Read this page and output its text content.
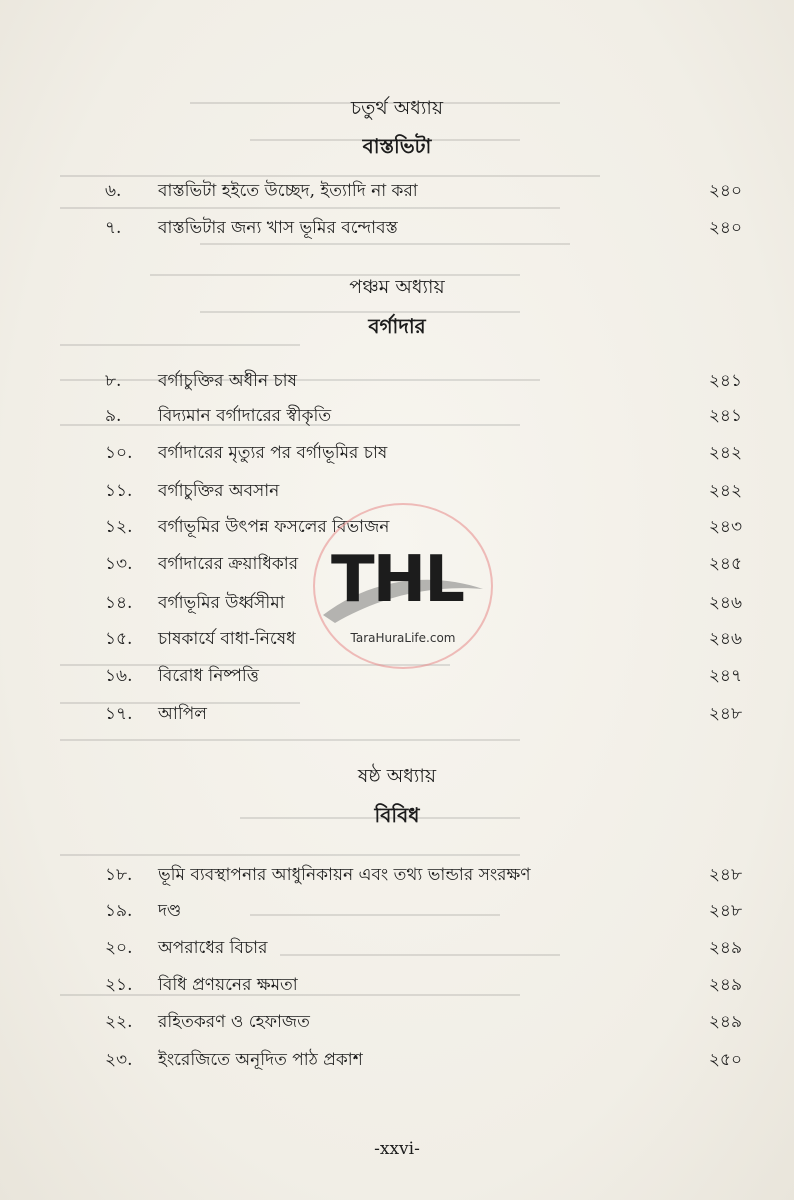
চতুর্থ অধ্যায়
বাস্তভিটা
৬. বাস্তভিটা হইতে উচ্ছেদ, ইত্যাদি না করা	২৪০
৭. বাস্তভিটার জন্য খাস ভূমির বন্দোবস্ত	২৪০
পঞ্চম অধ্যায়
বর্গাদার
৮. বর্গাচুক্তির অধীন চাষ	২৪১
৯. বিদ্যমান বর্গাদারের স্বীকৃতি	২৪১
১০. বর্গাদারের মৃত্যুর পর বর্গাভূমির চাষ	২৪২
১১. বর্গাচুক্তির অবসান	২৪২
১২. বর্গাভূমির উৎপন্ন ফসলের বিভাজন	২৪৩
১৩. বর্গাদারের ক্রয়াধিকার	২৪৫
১৪. বর্গাভূমির উর্ধ্বসীমা	২৪৬
১৫. চাষকার্যে বাধা-নিষেধ	২৪৬
১৬. বিরোধ নিষ্পত্তি	২৪৭
১৭. আপিল	২৪৮
ষষ্ঠ অধ্যায়
বিবিধ
১৮. ভূমি ব্যবস্থাপনার আধুনিকায়ন এবং তথ্য ভান্ডার সংরক্ষণ	২৪৮
১৯. দণ্ড	২৪৮
২০. অপরাধের বিচার	২৪৯
২১. বিধি প্রণয়নের ক্ষমতা	২৪৯
২২. রহিতকরণ ও হেফাজত	২৪৯
২৩. ইংরেজিতে অনূদিত পাঠ প্রকাশ	২৫০
THL
TaraHuraLife.com
-xxvi-
